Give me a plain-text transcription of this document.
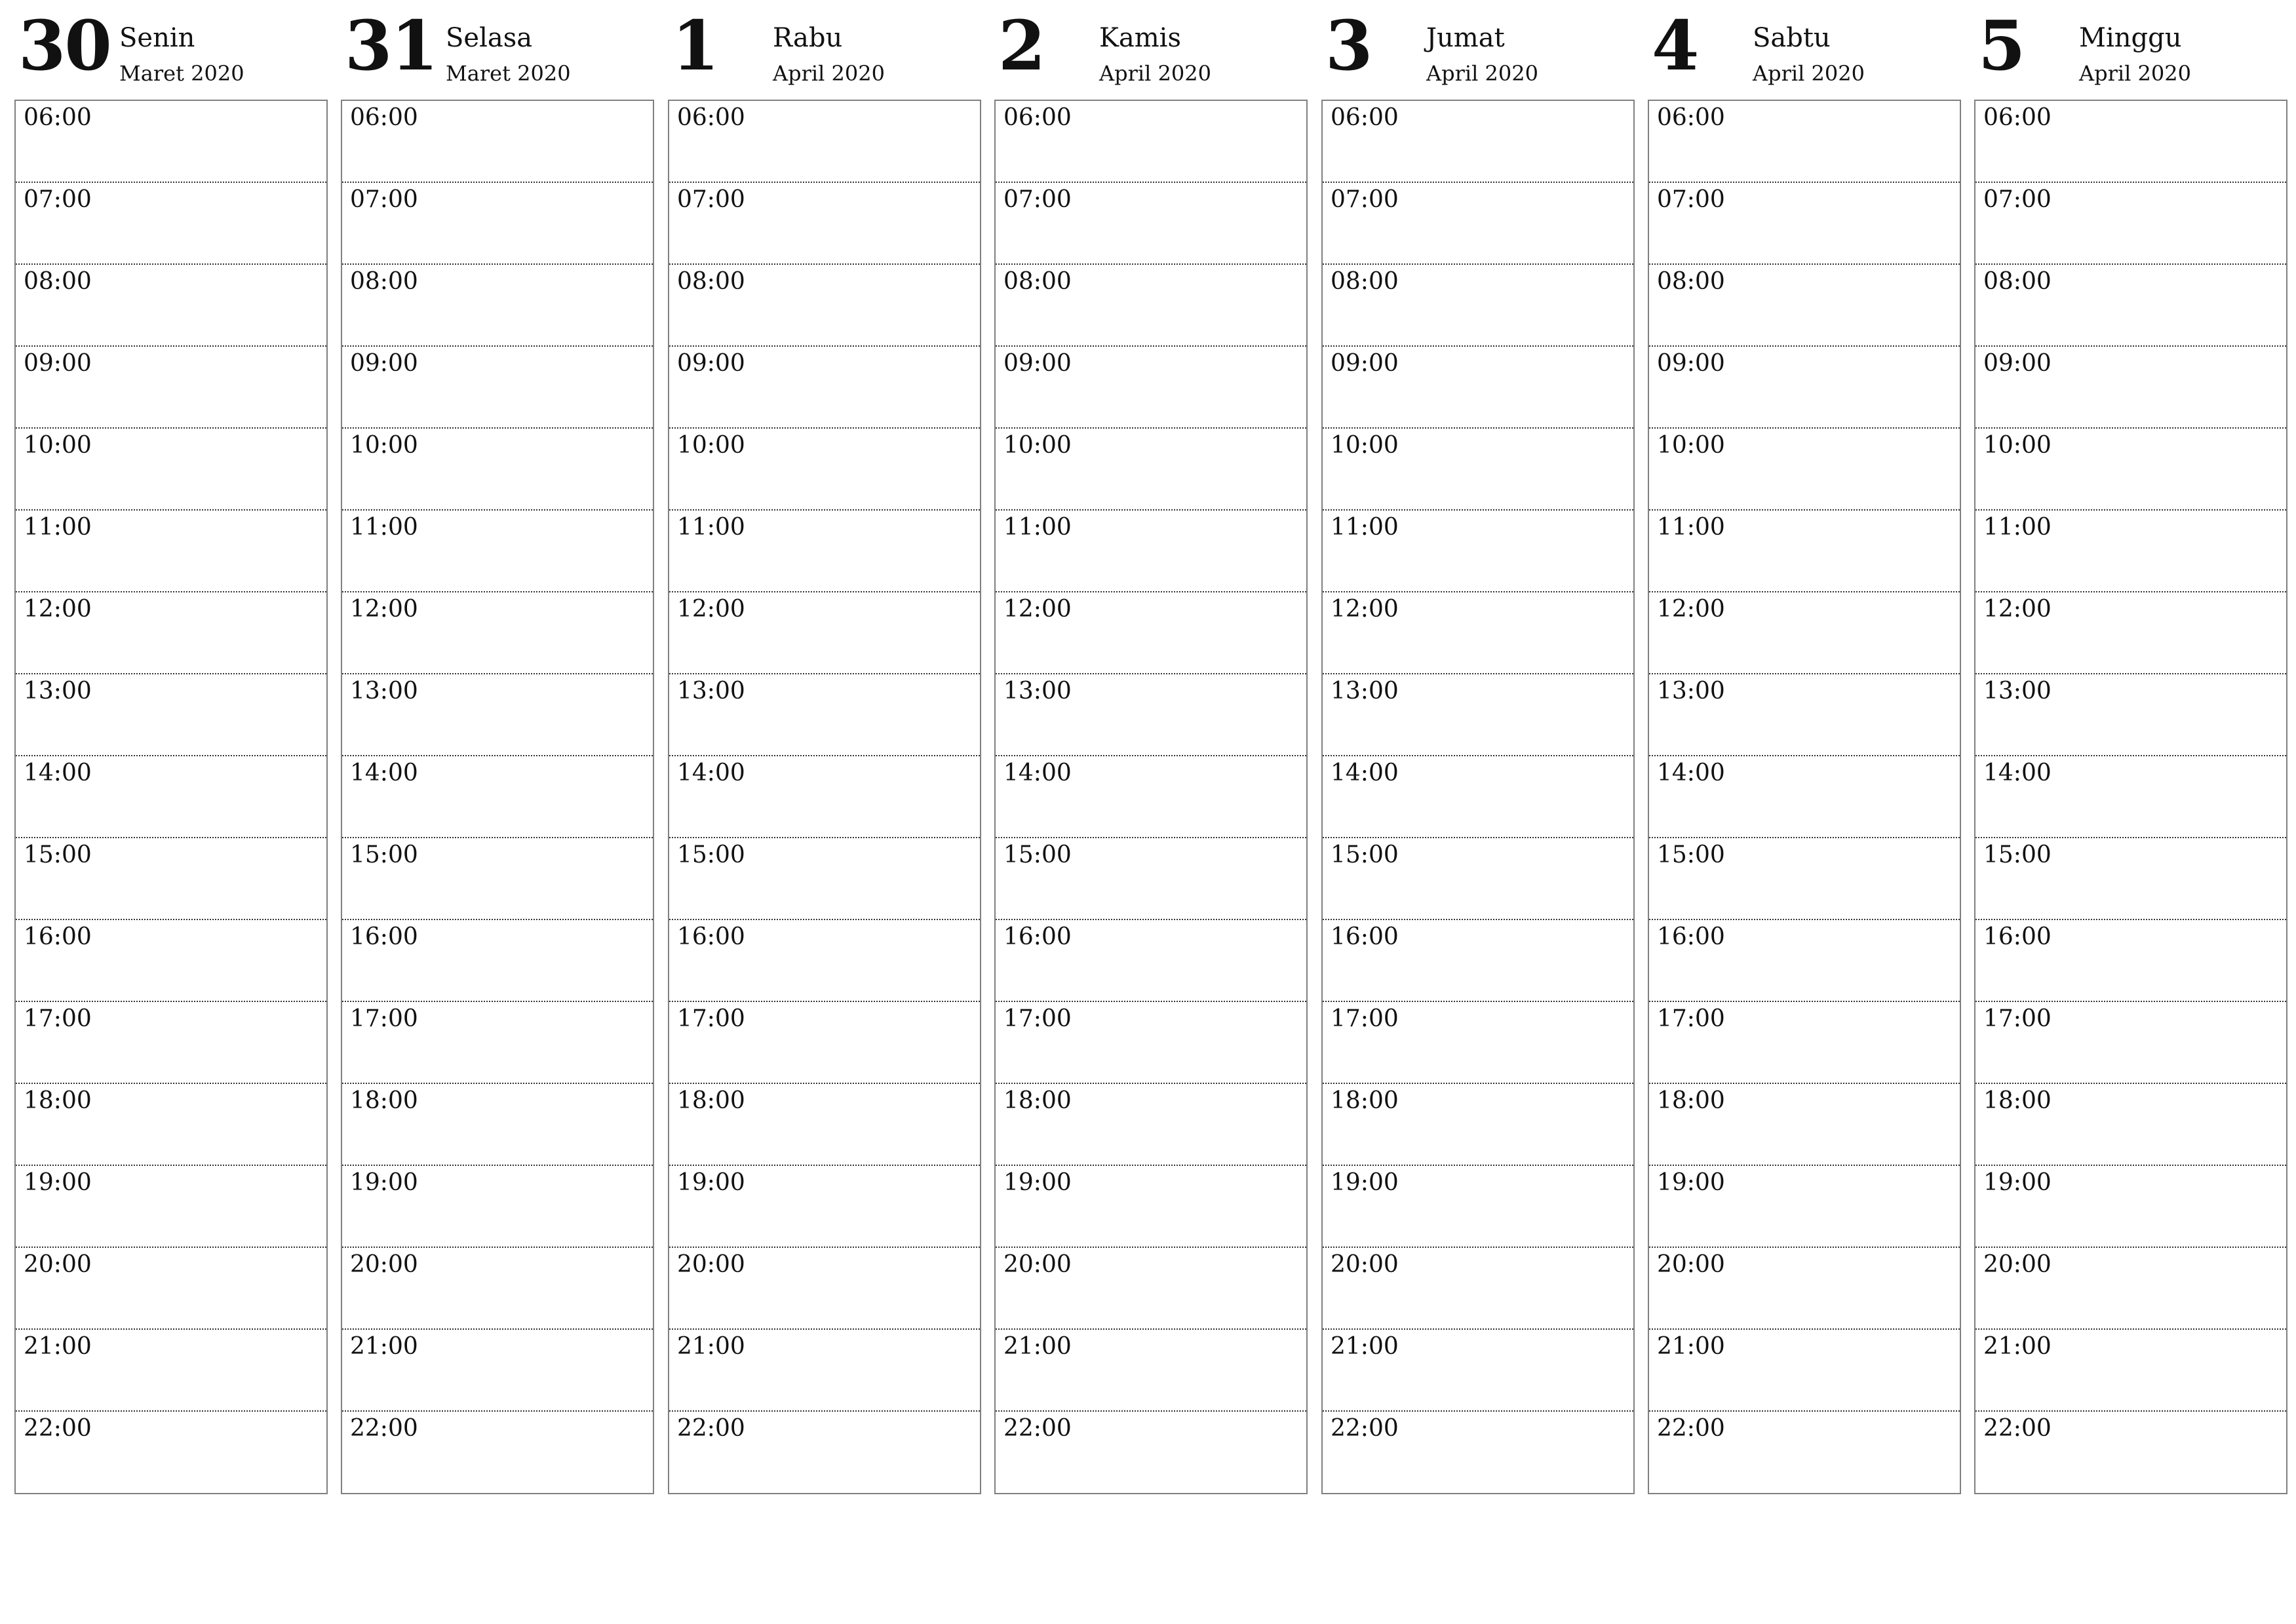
30 Senin
Maret 2020
06:00
07:00
08:00
09:00
10:00
11:00
12:00
13:00
14:00
15:00
16:00
17:00
18:00
19:00
20:00
21:00
22:00
31 Selasa
Maret 2020
06:00
07:00
08:00
09:00
10:00
11:00
12:00
13:00
14:00
15:00
16:00
17:00
18:00
19:00
20:00
21:00
22:00
1 Rabu
April 2020
06:00
07:00
08:00
09:00
10:00
11:00
12:00
13:00
14:00
15:00
16:00
17:00
18:00
19:00
20:00
21:00
22:00
2 Kamis
April 2020
06:00
07:00
08:00
09:00
10:00
11:00
12:00
13:00
14:00
15:00
16:00
17:00
18:00
19:00
20:00
21:00
22:00
3 Jumat
April 2020
06:00
07:00
08:00
09:00
10:00
11:00
12:00
13:00
14:00
15:00
16:00
17:00
18:00
19:00
20:00
21:00
22:00
4 Sabtu
April 2020
06:00
07:00
08:00
09:00
10:00
11:00
12:00
13:00
14:00
15:00
16:00
17:00
18:00
19:00
20:00
21:00
22:00
5 Minggu
April 2020
06:00
07:00
08:00
09:00
10:00
11:00
12:00
13:00
14:00
15:00
16:00
17:00
18:00
19:00
20:00
21:00
22:00
